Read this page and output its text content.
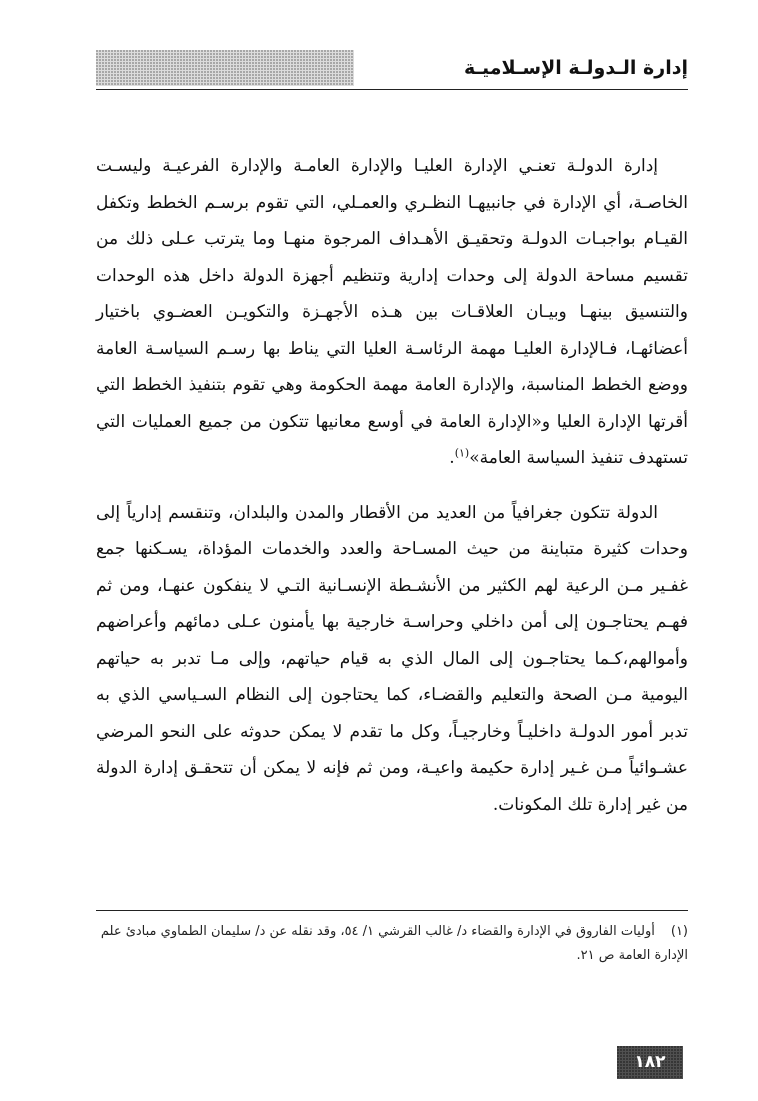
إدارة الـدولـة الإسـلاميـة

إدارة الدولـة تعنـي الإدارة العليـا والإدارة العامـة والإدارة الفرعيـة وليسـت الخاصـة، أي الإدارة في جانبيهـا النظـري والعمـلي، التي تقوم برسـم الخطط وتكفل القيـام بواجبـات الدولـة وتحقيـق الأهـداف المرجوة منهـا وما يترتب عـلى ذلك من تقسيم مساحة الدولة إلى وحدات إدارية وتنظيم أجهزة الدولة داخل هذه الوحدات والتنسيق بينهـا وبيـان العلاقـات بين هـذه الأجهـزة والتكويـن العضـوي باختيار أعضائهـا، فـالإدارة العليـا مهمة الرئاسـة العليا التي يناط بها رسـم السياسـة العامة ووضع الخطط المناسبة، والإدارة العامة مهمة الحكومة وهي تقوم بتنفيذ الخطط التي أقرتها الإدارة العليا و«الإدارة العامة في أوسع معانيها تتكون من جميع العمليات التي تستهدف تنفيذ السياسة العامة»$^{(١)}$.

الدولة تتكون جغرافياً من العديد من الأقطار والمدن والبلدان، وتنقسم إدارياً إلى وحدات كثيرة متباينة من حيث المسـاحة والعدد والخدمات المؤداة، يسـكنها جمع غفـير مـن الرعية لهم الكثير من الأنشـطة الإنسـانية التـي لا ينفكون عنهـا، ومن ثم فهـم يحتاجـون إلى أمن داخلي وحراسـة خارجية بها يأمنون عـلى دمائهم وأعراضهم وأموالهم،كـما يحتاجـون إلى المال الذي به قيام حياتهم، وإلى مـا تدبر به حياتهم اليومية مـن الصحة والتعليم والقضـاء، كما يحتاجون إلى النظام السـياسي الذي به تدبر أمور الدولـة داخليـاً وخارجيـاً، وكل ما تقدم لا يمكن حدوثه على النحو المرضي عشـوائياً مـن غـير إدارة حكيمة واعيـة، ومن ثم فإنه لا يمكن أن تتحقـق إدارة الدولة من غير إدارة تلك المكونات.

(١)أوليات الفاروق في الإدارة والقضاء د/ غالب القرشي ١/ ٥٤، وقد نقله عن د/ سليمان الطماوي مبادئ علم الإدارة العامة ص ٢١.
١٨٢
